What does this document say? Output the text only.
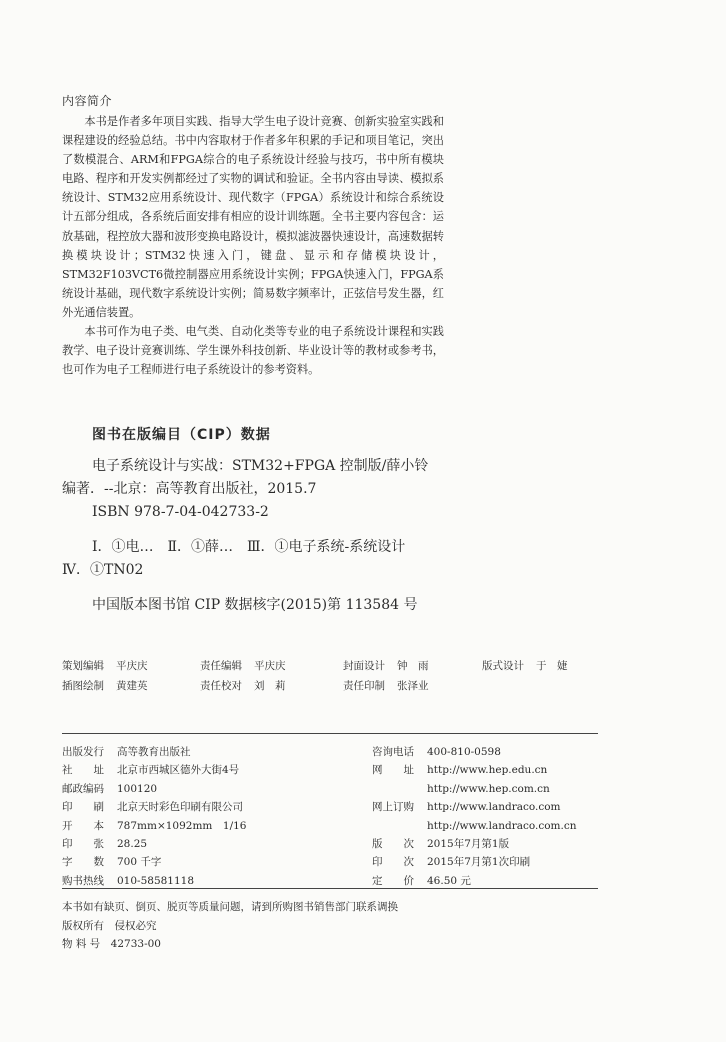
内容简介

本书是作者多年项目实践、指导大学生电子设计竞赛、创新实验室实践和课程建设的经验总结。书中内容取材于作者多年积累的手记和项目笔记，突出了数模混合、ARM和FPGA综合的电子系统设计经验与技巧，书中所有模块电路、程序和开发实例都经过了实物的调试和验证。全书内容由导读、模拟系统设计、STM32应用系统设计、现代数字（FPGA）系统设计和综合系统设计五部分组成，各系统后面安排有相应的设计训练题。全书主要内容包含：运放基础，程控放大器和波形变换电路设计，模拟滤波器快速设计，高速数据转换模块设计；STM32快速入门，键盘、显示和存储模块设计，STM32F103VCT6微控制器应用系统设计实例；FPGA快速入门，FPGA系统设计基础，现代数字系统设计实例；简易数字频率计，正弦信号发生器，红外光通信装置。

本书可作为电子类、电气类、自动化类等专业的电子系统设计课程和实践教学、电子设计竞赛训练、学生课外科技创新、毕业设计等的教材或参考书，也可作为电子工程师进行电子系统设计的参考资料。

图书在版编目（CIP）数据
电子系统设计与实战：STM32+FPGA 控制版/薛小铃
编著．--北京：高等教育出版社，2015.7
ISBN 978-7-04-042733-2
Ⅰ．①电…　Ⅱ．①薛…　Ⅲ．①电子系统-系统设计
Ⅳ．①TN02
中国版本图书馆 CIP 数据核字(2015)第 113584 号
策划编辑 平庆庆
插图绘制 黄建英
责任编辑 平庆庆
责任校对 刘　莉
封面设计 钟　雨
责任印制 张泽业
版式设计 于　婕
出版发行 高等教育出版社
社　　址 北京市西城区德外大街4号
邮政编码 100120
印　　刷 北京天时彩色印刷有限公司
开　　本 787mm×1092mm　1/16
印　　张 28.25
字　　数 700 千字
购书热线 010-58581118
咨询电话 400-810-0598
网　　址 http://www.hep.edu.cn
http://www.hep.com.cn
网上订购 http://www.landraco.com
http://www.landraco.com.cn
版　　次 2015年7月第1版
印　　次 2015年7月第1次印刷
定　　价 46.50 元
本书如有缺页、倒页、脱页等质量问题，请到所购图书销售部门联系调换
版权所有　侵权必究
物 料 号　42733-00
